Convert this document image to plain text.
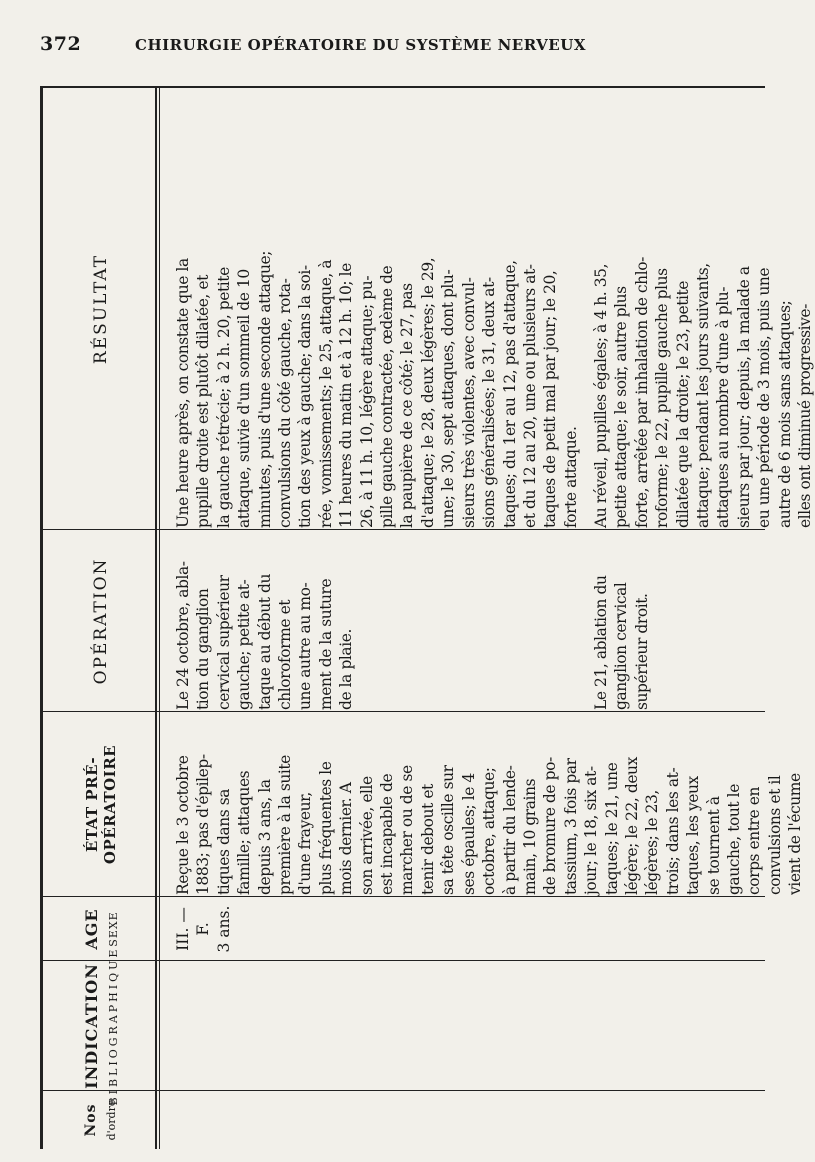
372	CHIRURGIE OPÉRATOIRE DU SYSTÈME NERVEUX
Nos d'ordre
INDICATION BIBLIOGRAPHIQUE
AGE SEXE
ÉTAT PRÉ-OPÉRATOIRE
OPÉRATION
RÉSULTAT
III. —
F.
3 ans.
Reçue le 3 octobre
1883; pas d'épilep-
tiques dans sa
famille; attaques
depuis 3 ans, la
première à la suite
d'une frayeur,
plus fréquentes le
mois dernier. A
son arrivée, elle
est incapable de
marcher ou de se
tenir debout et
sa tête oscille sur
ses épaules; le 4
octobre, attaque;
à partir du lende-
main, 10 grains
de bromure de po-
tassium, 3 fois par
jour; le 18, six at-
taques; le 21, une
légère; le 22, deux
légères; le 23,
trois; dans les at-
taques, les yeux
se tournent à
gauche, tout le
corps entre en
convulsions et il
vient de l'écume
Le 24 octobre, abla-
tion du ganglion
cervical supérieur
gauche; petite at-
taque au début du
chloroforme et
une autre au mo-
ment de la suture
de la plaie.
Le 21, ablation du
ganglion cervical
supérieur droit.
Une heure après, on constate que la
pupille droite est plutôt dilatée, et
la gauche rétrécie; à 2 h. 20, petite
attaque, suivie d'un sommeil de 10
minutes, puis d'une seconde attaque;
convulsions du côté gauche, rota-
tion des yeux à gauche; dans la soi-
rée, vomissements; le 25, attaque, à
11 heures du matin et à 12 h. 10; le
26, à 11 h. 10, légère attaque; pu-
pille gauche contractée, œdème de
la paupière de ce côté; le 27, pas
d'attaque; le 28, deux légères; le 29,
une; le 30, sept attaques, dont plu-
sieurs très violentes, avec convul-
sions généralisées; le 31, deux at-
taques; du 1er au 12, pas d'attaque,
et du 12 au 20, une ou plusieurs at-
taques de petit mal par jour; le 20,
forte attaque.
Au réveil, pupilles égales; à 4 h. 35,
petite attaque; le soir, autre plus
forte, arrêtée par inhalation de chlo-
roforme; le 22, pupille gauche plus
dilatée que la droite; le 23, petite
attaque; pendant les jours suivants,
attaques au nombre d'une à plu-
sieurs par jour; depuis, la malade a
eu une période de 3 mois, puis une
autre de 6 mois sans attaques;
elles ont diminué progressive-
